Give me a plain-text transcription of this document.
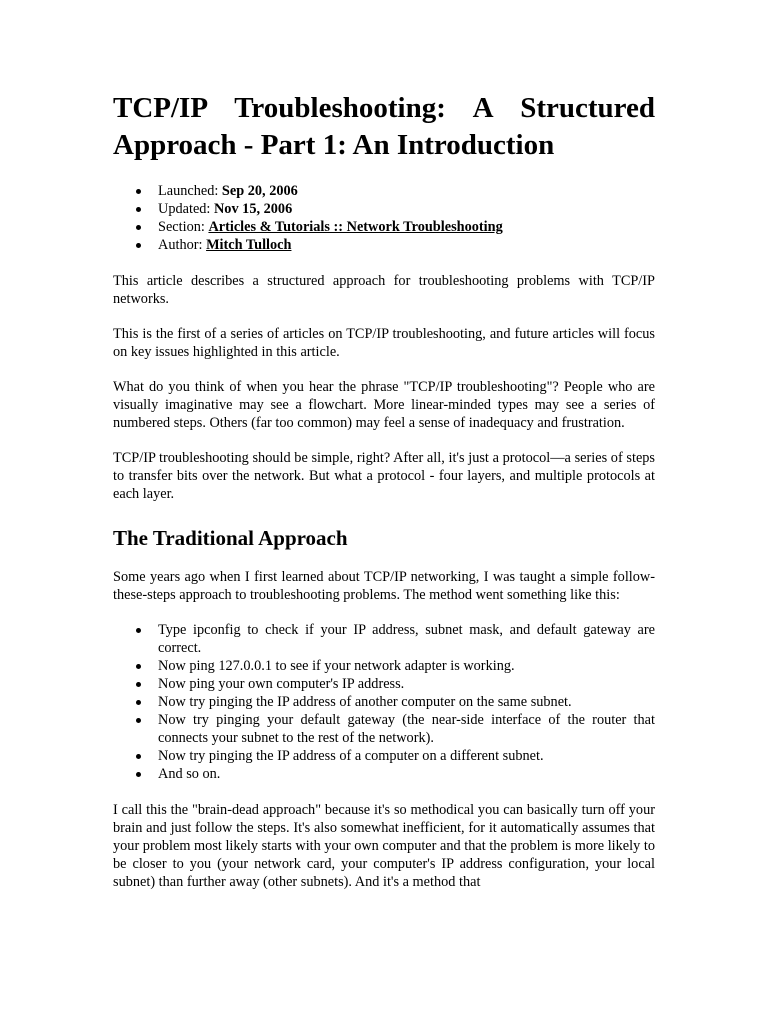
TCP/IP Troubleshooting: A Structured
Approach - Part 1: An Introduction
Launched: Sep 20, 2006
Updated: Nov 15, 2006
Section: Articles & Tutorials :: Network Troubleshooting
Author: Mitch Tulloch

This article describes a structured approach for troubleshooting problems with TCP/IP networks.

This is the first of a series of articles on TCP/IP troubleshooting, and future articles will focus on key issues highlighted in this article.

What do you think of when you hear the phrase "TCP/IP troubleshooting"? People who are visually imaginative may see a flowchart. More linear-minded types may see a series of numbered steps. Others (far too common) may feel a sense of inadequacy and frustration.

TCP/IP troubleshooting should be simple, right? After all, it's just a protocol—a series of steps to transfer bits over the network. But what a protocol - four layers, and multiple protocols at each layer.

The Traditional Approach

Some years ago when I first learned about TCP/IP networking, I was taught a simple follow-these-steps approach to troubleshooting problems. The method went something like this:

Type ipconfig to check if your IP address, subnet mask, and default gateway are correct.
Now ping 127.0.0.1 to see if your network adapter is working.
Now ping your own computer's IP address.
Now try pinging the IP address of another computer on the same subnet.
Now try pinging your default gateway (the near-side interface of the router that connects your subnet to the rest of the network).
Now try pinging the IP address of a computer on a different subnet.
And so on.

I call this the "brain-dead approach" because it's so methodical you can basically turn off your brain and just follow the steps. It's also somewhat inefficient, for it automatically assumes that your problem most likely starts with your own computer and that the problem is more likely to be closer to you (your network card, your computer's IP address configuration, your local subnet) than further away (other subnets). And it's a method that
